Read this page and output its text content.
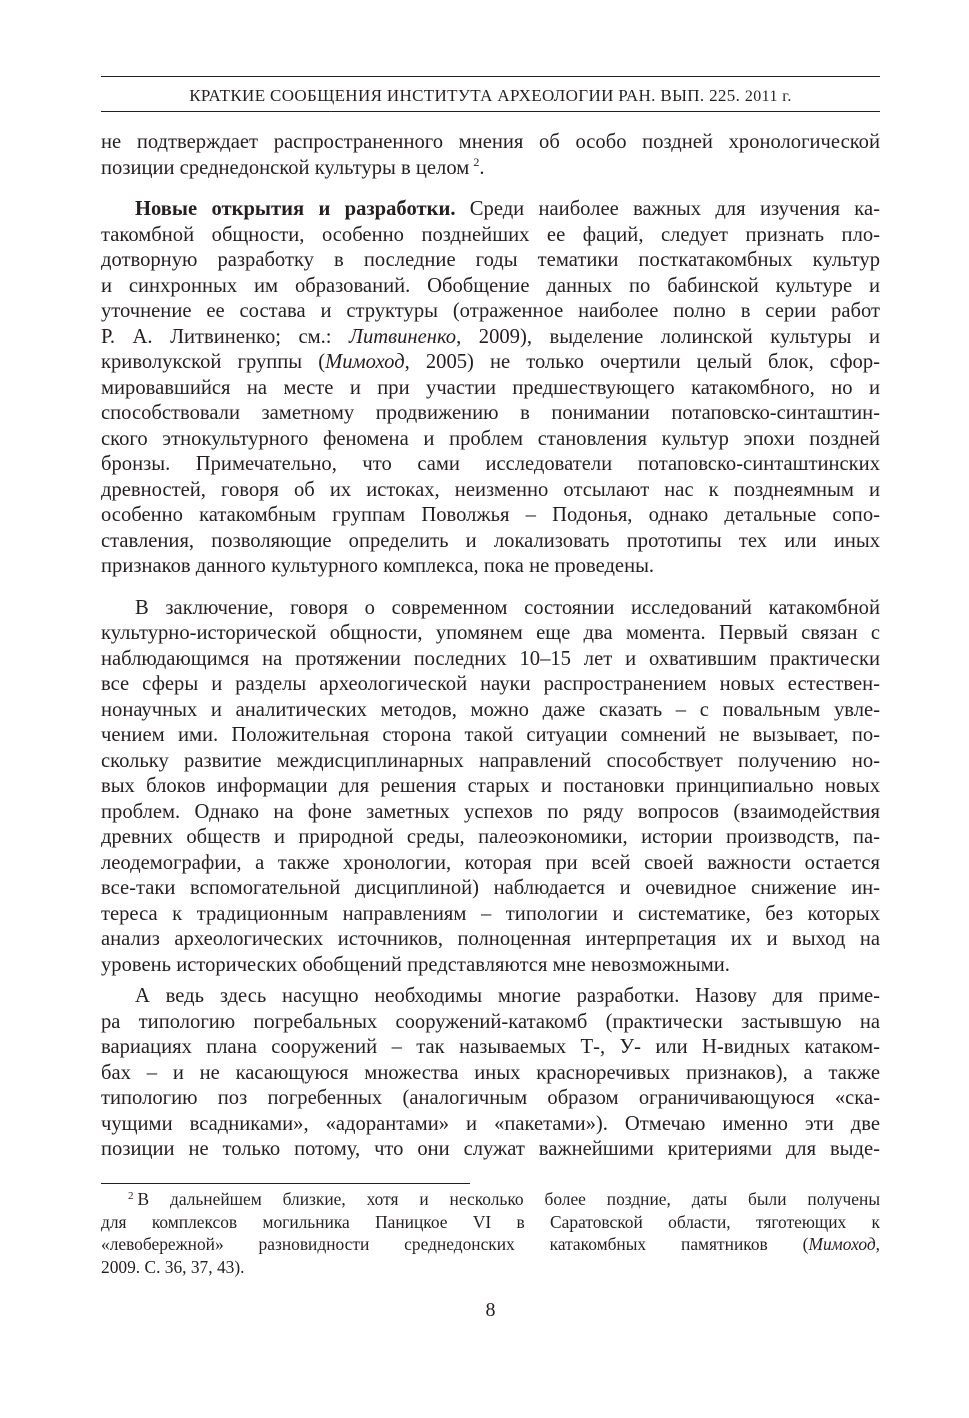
КРАТКИЕ СООБЩЕНИЯ ИНСТИТУТА АРХЕОЛОГИИ РАН. ВЫП. 225. 2011 г.
не подтверждает распространенного мнения об особо поздней хронологической
позиции среднедонской культуры в целом  $^2$.
Новые открытия и разработки. Среди наиболее важных для изучения ка-
такомбной общности, особенно позднейших ее фаций, следует признать пло-
дотворную разработку в последние годы тематики посткатакомбных культур
и синхронных им образований. Обобщение данных по бабинской культуре и
уточнение ее состава и структуры (отраженное наиболее полно в серии работ
Р. А. Литвиненко; см.: Литвиненко, 2009), выделение лолинской культуры и
криволукской группы (Мимоход, 2005) не только очертили целый блок, сфор-
мировавшийся на месте и при участии предшествующего катакомбного, но и
способствовали заметному продвижению в понимании потаповско-синташтин-
ского этнокультурного феномена и проблем становления культур эпохи поздней
бронзы. Примечательно, что сами исследователи потаповско-синташтинских
древностей, говоря об их истоках, неизменно отсылают нас к позднеямным и
особенно катакомбным группам Поволжья – Подонья, однако детальные сопо-
ставления, позволяющие определить и локализовать прототипы тех или иных
признаков данного культурного комплекса, пока не проведены.
В заключение, говоря о современном состоянии исследований катакомбной
культурно-исторической общности, упомянем еще два момента. Первый связан с
наблюдающимся на протяжении последних 10–15 лет и охватившим практически
все сферы и разделы археологической науки распространением новых естествен-
нонаучных и аналитических методов, можно даже сказать – с повальным увле-
чением ими. Положительная сторона такой ситуации сомнений не вызывает, по-
скольку развитие междисциплинарных направлений способствует получению но-
вых блоков информации для решения старых и постановки принципиально новых
проблем. Однако на фоне заметных успехов по ряду вопросов (взаимодействия
древних обществ и природной среды, палеоэкономики, истории производств, па-
леодемографии, а также хронологии, которая при всей своей важности остается
все-таки вспомогательной дисциплиной) наблюдается и очевидное снижение ин-
тереса к традиционным направлениям – типологии и систематике, без которых
анализ археологических источников, полноценная интерпретация их и выход на
уровень исторических обобщений представляются мне невозможными.
А ведь здесь насущно необходимы многие разработки. Назову для приме-
ра типологию погребальных сооружений-катакомб (практически застывшую на
вариациях плана сооружений – так называемых Т-, У- или Н-видных катаком-
бах – и не касающуюся множества иных красноречивых признаков), а также
типологию поз погребенных (аналогичным образом ограничивающуюся «ска-
чущими всадниками», «адорантами» и «пакетами»). Отмечаю именно эти две
позиции не только потому, что они служат важнейшими критериями для выде-
$^2$ В дальнейшем близкие, хотя и несколько более поздние, даты были получены
для комплексов могильника Паницкое VI в Саратовской области, тяготеющих к
«левобережной» разновидности среднедонских катакомбных памятников (Мимоход,
2009. С. 36, 37, 43).
8
